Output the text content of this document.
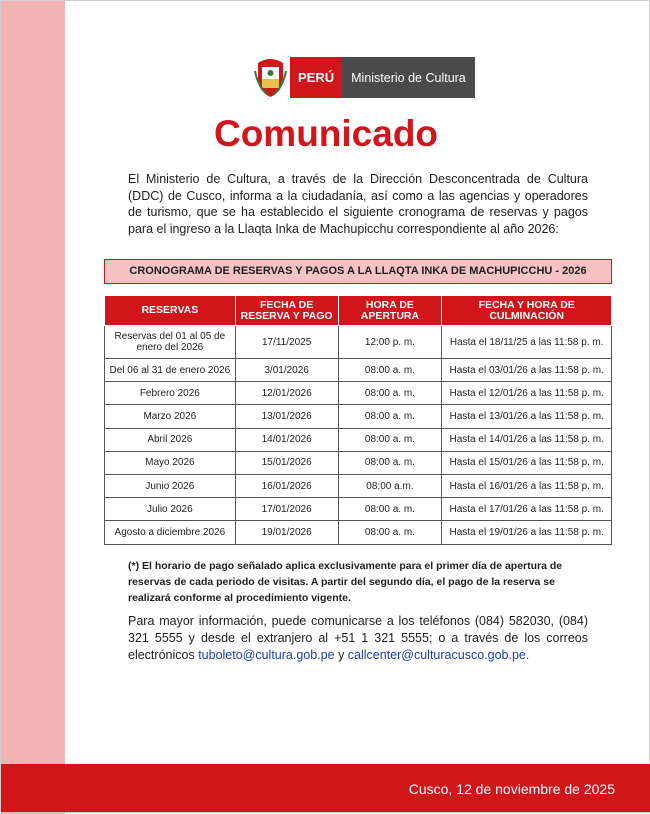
PERÚ	Ministerio de Cultura
Comunicado

El Ministerio de Cultura, a través de la Dirección Desconcentrada de Cultura (DDC) de Cusco, informa a la ciudadanía, así como a las agencias y operadores de turismo, que se ha establecido el siguiente cronograma de reservas y pagos para el ingreso a la Llaqta Inka de Machupicchu correspondiente al año 2026:

CRONOGRAMA DE RESERVAS Y PAGOS A LA LLAQTA INKA DE MACHUPICCHU - 2026
RESERVAS	FECHA DE RESERVA Y PAGO	HORA DE APERTURA	FECHA Y HORA DE CULMINACIÓN
Reservas del 01 al 05 de enero del 2026	17/11/2025	12:00 p. m.	Hasta el 18/11/25 a las 11:58 p. m.
Del 06 al 31 de enero 2026	3/01/2026	08:00 a. m.	Hasta el 03/01/26 a las 11:58 p. m.
Febrero 2026	12/01/2026	08:00 a. m.	Hasta el 12/01/26 a las 11:58 p. m.
Marzo 2026	13/01/2026	08:00 a. m.	Hasta el 13/01/26 a las 11:58 p. m.
Abril 2026	14/01/2026	08:00 a. m.	Hasta el 14/01/26 a las 11:58 p. m.
Mayo 2026	15/01/2026	08:00 a. m.	Hasta el 15/01/26 a las 11:58 p. m.
Junio 2026	16/01/2026	08:00 a.m.	Hasta el 16/01/26 a las 11:58 p. m.
Julio 2026	17/01/2026	08:00 a. m.	Hasta el 17/01/26 a las 11:58 p. m.
Agosto a diciembre 2026	19/01/2026	08:00 a. m.	Hasta el 19/01/26 a las 11:58 p. m.

(*) El horario de pago señalado aplica exclusivamente para el primer día de apertura de reservas de cada periodo de visitas. A partir del segundo día, el pago de la reserva se realizará conforme al procedimiento vigente.

Para mayor información, puede comunicarse a los teléfonos (084) 582030, (084) 321 5555 y desde el extranjero al +51 1 321 5555; o a través de los correos electrónicos tuboleto@cultura.gob.pe y callcenter@culturacusco.gob.pe.

Cusco, 12 de noviembre de 2025
